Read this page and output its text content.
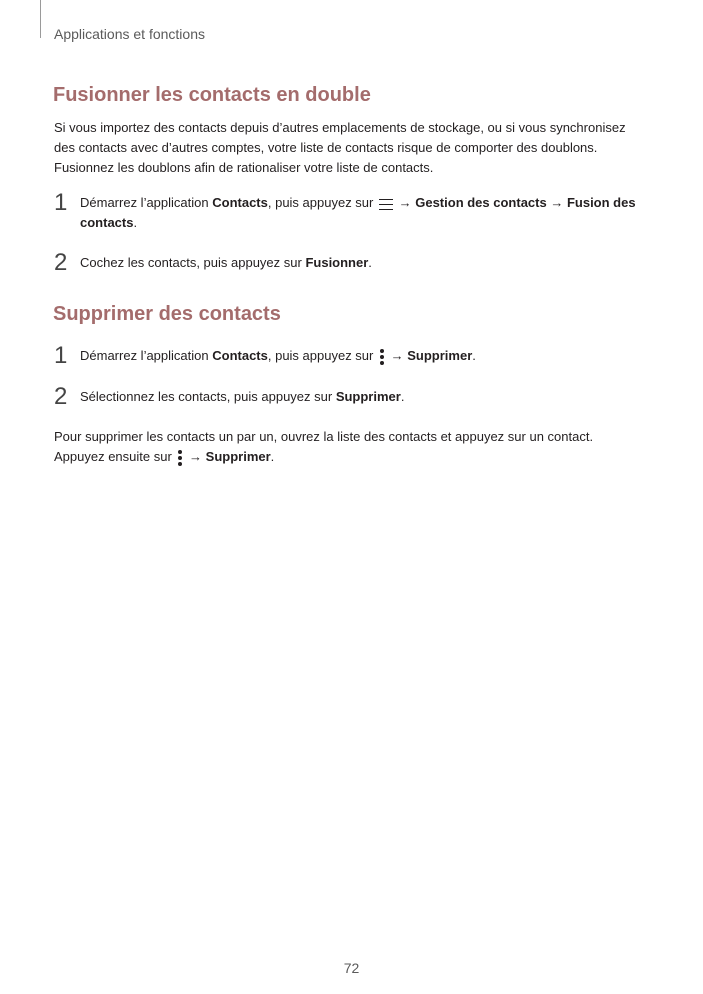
Applications et fonctions
Fusionner les contacts en double
Si vous importez des contacts depuis d’autres emplacements de stockage, ou si vous synchronisez des contacts avec d’autres comptes, votre liste de contacts risque de comporter des doublons. Fusionnez les doublons afin de rationaliser votre liste de contacts.
1 Démarrez l’application Contacts, puis appuyez sur
→ Gestion des contacts → Fusion des contacts.
2 Cochez les contacts, puis appuyez sur Fusionner.
Supprimer des contacts
1 Démarrez l’application Contacts, puis appuyez sur
→ Supprimer.
2 Sélectionnez les contacts, puis appuyez sur Supprimer.
Pour supprimer les contacts un par un, ouvrez la liste des contacts et appuyez sur un contact. Appuyez ensuite sur
→ Supprimer.
72
